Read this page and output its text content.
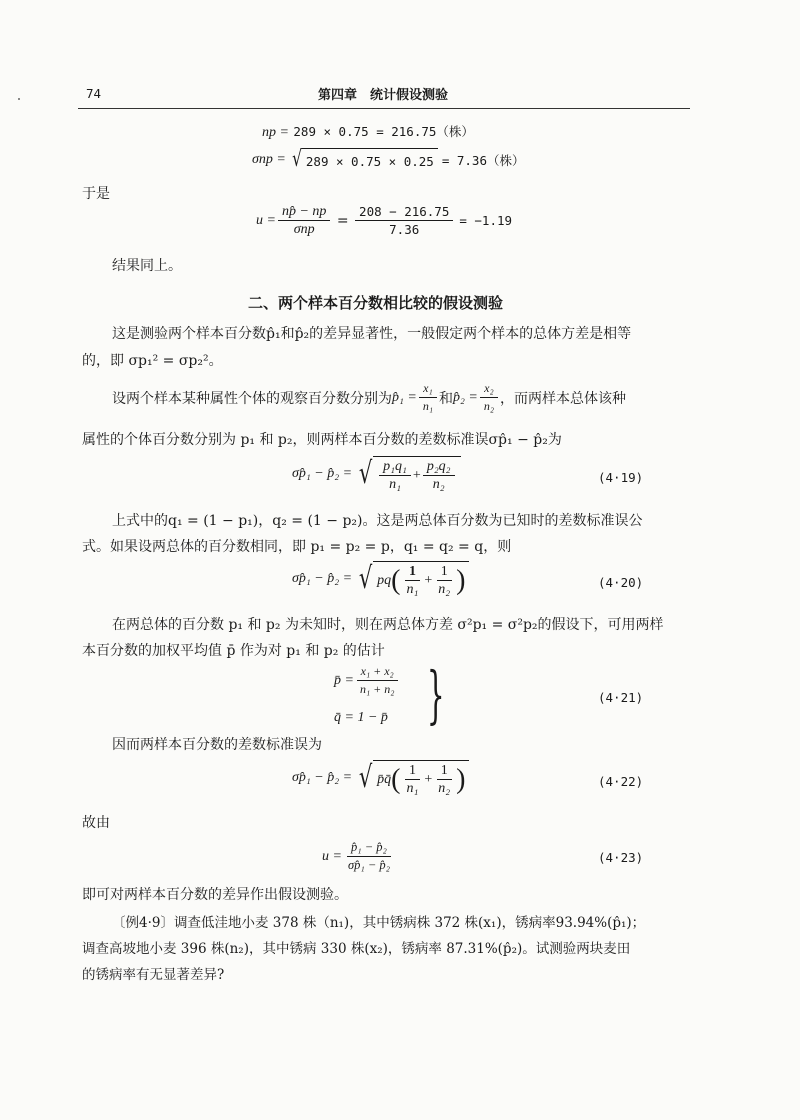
74	第四章　统计假设测验
np = 289 × 0.75 = 216.75（株）
σnp = √ 289 × 0.75 × 0.25 = 7.36（株）
于是
$u = \frac{np̂ - np}{\text{σnp}} = \frac{208 - 216.75}{7.36} = -1.19$
结果同上。
二、两个样本百分数相比较的假设测验
这是测验两个样本百分数p̂₁和p̂₂的差异显著性，一般假定两个样本的总体方差是相等
的，即 σp₁² = σp₂²。
设两个样本某种属性个体的观察百分数分别为 p̂₁ = $\frac{\text{x₁}}{\text{n₁}}$ 和 p̂₂ = $\frac{\text{x₂}}{\text{n₂}}$ ，而两样本总体该种
属性的个体百分数分别为 p₁ 和 p₂，则两样本百分数的差数标准误σp̂₁ − p̂₂为
σp̂₁ − p̂₂ = √ $\frac{\text{p₁q₁}}{\text{n₁}} + \frac{\text{p₂q₂}}{\text{n₂}}$	(4·19)
上式中的q₁ = (1 − p₁)，q₂ = (1 − p₂)。这是两总体百分数为已知时的差数标准误公
式。如果设两总体的百分数相同，即 p₁ = p₂ = p，q₁ = q₂ = q，则
σp̂₁ − p̂₂ = √ pq ( $\frac{1}{\text{n₁}} + \frac{1}{\text{n₂}}$ )	(4·20)
在两总体的百分数 p₁ 和 p₂ 为未知时，则在两总体方差 σ²p₁ = σ²p₂的假设下，可用两样
本百分数的加权平均值 p̄ 作为对 p₁ 和 p₂ 的估计
p̄ = $\frac{\text{x₁ + x₂}}{\text{n₁ + n₂}}$
q̄ = 1 − p̄ }	(4·21)
因而两样本百分数的差数标准误为
σp̂₁ − p̂₂ = √ p̄q̄ ( $\frac{1}{\text{n₁}} + \frac{1}{\text{n₂}}$ )	(4·22)
故由
$u = \frac{\text{p̂₁ − p̂₂}}{\text{σp̂₁ − p̂₂}}$	(4·23)
即可对两样本百分数的差异作出假设测验。
〔例4·9〕调查低洼地小麦 378 株（n₁)，其中锈病株 372 株(x₁)，锈病率93.94%(p̂₁)；
调查高坡地小麦 396 株(n₂)，其中锈病 330 株(x₂)，锈病率 87.31%(p̂₂)。试测验两块麦田
的锈病率有无显著差异?
